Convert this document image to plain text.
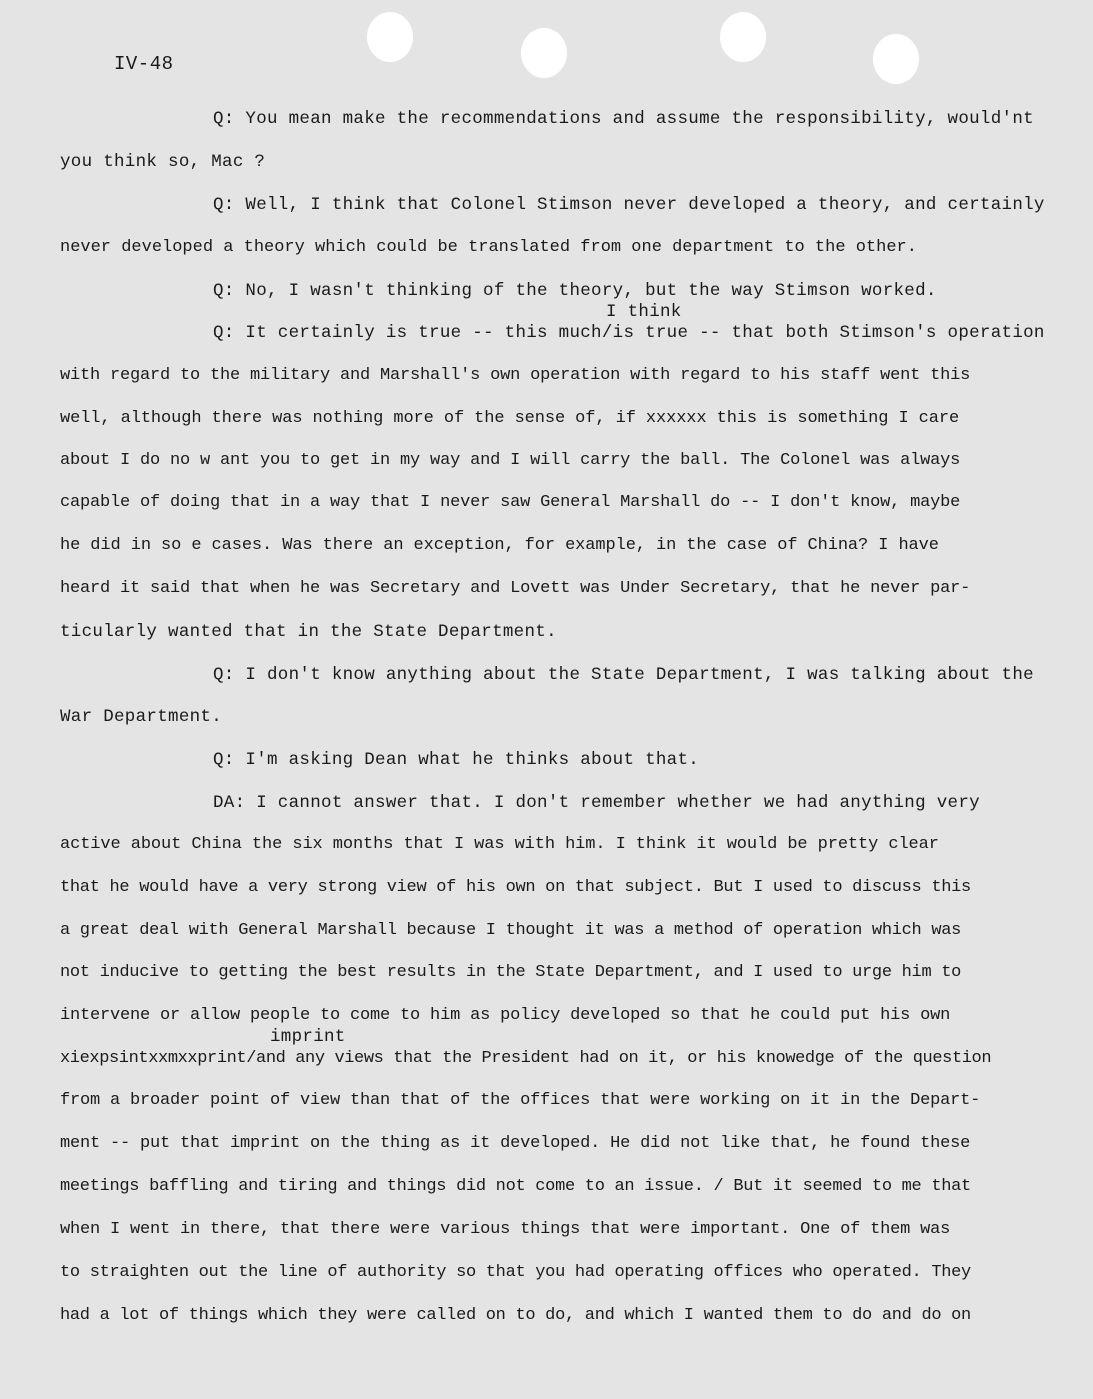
IV-48
Q: You mean make the recommendations and assume the responsibility, would'nt
you think so, Mac ?
Q: Well, I think that Colonel Stimson never developed a theory, and certainly
never developed a theory which could be translated from one department to the other.
Q: No, I wasn't thinking of the theory, but the way Stimson worked.
I think
Q: It certainly is true -- this much/is true -- that both Stimson's operation
with regard to the military and Marshall's own operation with regard to his staff went this
well, although there was nothing more of the sense of, if xxxxxx this is something I care
about I do no w ant you to get in my way and I will carry the ball. The Colonel was always
capable of doing that in a way that I never saw General Marshall do -- I don't know, maybe
he did in so e cases. Was there an exception, for example, in the case of China? I have
heard it said that when he was Secretary and Lovett was Under Secretary, that he never par-
ticularly wanted that in the State Department.
Q: I don't know anything about the State Department, I was talking about the
War Department.
Q: I'm asking Dean what he thinks about that.
DA: I cannot answer that. I don't remember whether we had anything very
active about China the six months that I was with him. I think it would be pretty clear
that he would have a very strong view of his own on that subject. But I used to discuss this
a great deal with General Marshall because I thought it was a method of operation which was
not inducive to getting the best results in the State Department, and I used to urge him to
intervene or allow people to come to him as policy developed so that he could put his own
imprint
xiexpsintxxmxxprint/and any views that the President had on it, or his knowedge of the question
from a broader point of view than that of the offices that were working on it in the Depart-
ment -- put that imprint on the thing as it developed. He did not like that, he found these
meetings baffling and tiring and things did not come to an issue. / But it seemed to me that
when I went in there, that there were various things that were important. One of them was
to straighten out the line of authority so that you had operating offices who operated. They
had a lot of things which they were called on to do, and which I wanted them to do and do on
